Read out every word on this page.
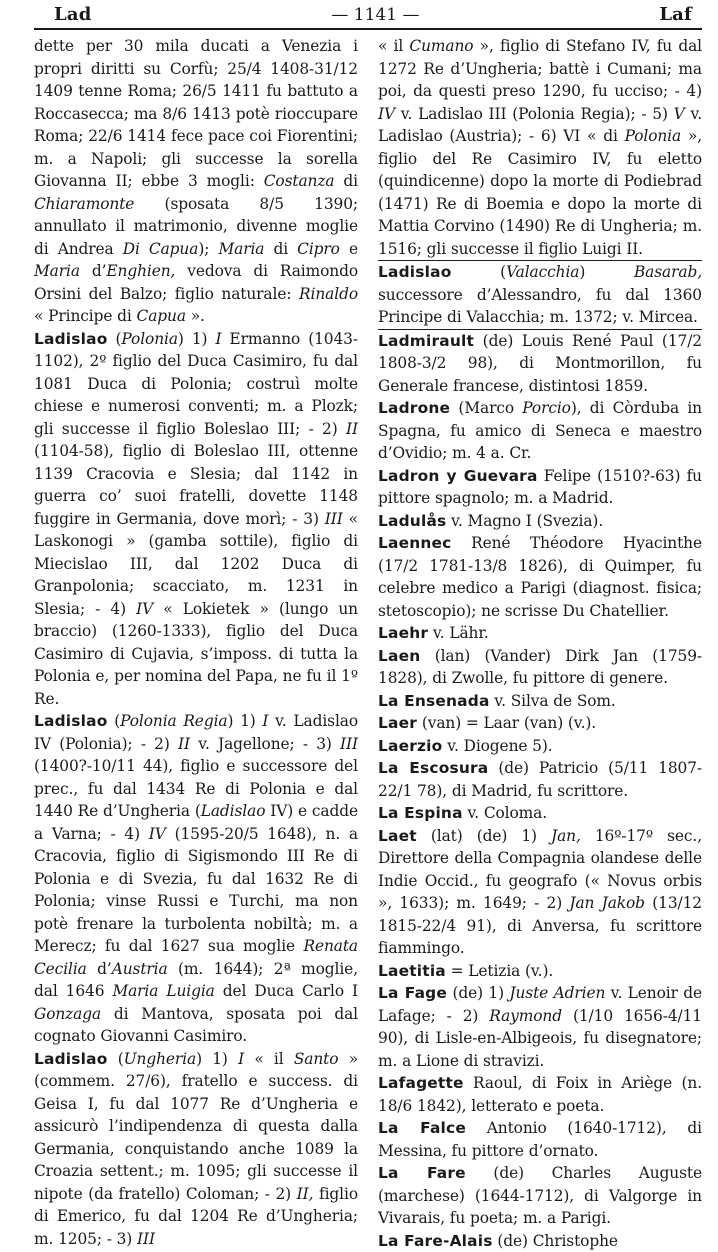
Lad	— 1141 —	Laf

dette per 30 mila ducati a Venezia i propri diritti su Corfù; 25/4 1408-31/12 1409 tenne Roma; 26/5 1411 fu battuto a Roccasecca; ma 8/6 1413 potè rioccupare Roma; 22/6 1414 fece pace coi Fiorentini; m. a Napoli; gli successe la sorella Giovanna II; ebbe 3 mogli: Costanza di Chiaramonte (sposata 8/5 1390; annullato il matrimonio, divenne moglie di Andrea Di Capua); Maria di Cipro e Maria d’Enghien, vedova di Raimondo Orsini del Balzo; figlio naturale: Rinaldo « Principe di Capua ».

Ladislao (Polonia) 1) I Ermanno (1043-1102), 2º figlio del Duca Casimiro, fu dal 1081 Duca di Polonia; costruì molte chiese e numerosi conventi; m. a Plozk; gli successe il figlio Boleslao III; - 2) II (1104-58), figlio di Boleslao III, ottenne 1139 Cracovia e Slesia; dal 1142 in guerra co’ suoi fratelli, dovette 1148 fuggire in Germania, dove morì; - 3) III « Laskonogi » (gamba sottile), figlio di Miecislao III, dal 1202 Duca di Granpolonia; scacciato, m. 1231 in Slesia; - 4) IV « Lokietek » (lungo un braccio) (1260-1333), figlio del Duca Casimiro di Cujavia, s’imposs. di tutta la Polonia e, per nomina del Papa, ne fu il 1º Re.

Ladislao (Polonia Regia) 1) I v. Ladislao IV (Polonia); - 2) II v. Jagellone; - 3) III (1400?-10/11 44), figlio e successore del prec., fu dal 1434 Re di Polonia e dal 1440 Re d’Ungheria (Ladislao IV) e cadde a Varna; - 4) IV (1595-20/5 1648), n. a Cracovia, figlio di Sigismondo III Re di Polonia e di Svezia, fu dal 1632 Re di Polonia; vinse Russi e Turchi, ma non potè frenare la turbolenta nobiltà; m. a Merecz; fu dal 1627 sua moglie Renata Cecilia d’Austria (m. 1644); 2ª moglie, dal 1646 Maria Luigia del Duca Carlo I Gonzaga di Mantova, sposata poi dal cognato Giovanni Casimiro.

Ladislao (Ungheria) 1) I « il Santo » (commem. 27/6), fratello e success. di Geisa I, fu dal 1077 Re d’Ungheria e assicurò l’indipendenza di questa dalla Germania, conquistando anche 1089 la Croazia settent.; m. 1095; gli successe il nipote (da fratello) Coloman; - 2) II, figlio di Emerico, fu dal 1204 Re d’Ungheria; m. 1205; - 3) III

« il Cumano », figlio di Stefano IV, fu dal 1272 Re d’Ungheria; battè i Cumani; ma poi, da questi preso 1290, fu ucciso; - 4) IV v. Ladislao III (Polonia Regia); - 5) V v. Ladislao (Austria); - 6) VI « di Polonia », figlio del Re Casimiro IV, fu eletto (quindicenne) dopo la morte di Podiebrad (1471) Re di Boemia e dopo la morte di Mattia Corvino (1490) Re di Ungheria; m. 1516; gli successe il figlio Luigi II.

Ladislao (Valacchia) Basarab, successore d’Alessandro, fu dal 1360 Principe di Valacchia; m. 1372; v. Mircea.

Ladmirault (de) Louis René Paul (17/2 1808-3/2 98), di Montmorillon, fu Generale francese, distintosi 1859.

Ladrone (Marco Porcio), di Còrduba in Spagna, fu amico di Seneca e maestro d’Ovidio; m. 4 a. Cr.

Ladron y Guevara Felipe (1510?-63) fu pittore spagnolo; m. a Madrid.

Ladulås v. Magno I (Svezia).

Laennec René Théodore Hyacinthe (17/2 1781-13/8 1826), di Quimper, fu celebre medico a Parigi (diagnost. fisica; stetoscopio); ne scrisse Du Chatellier.

Laehr v. Lähr.

Laen (lan) (Vander) Dirk Jan (1759-1828), di Zwolle, fu pittore di genere.

La Ensenada v. Silva de Som.

Laer (van) = Laar (van) (v.).

Laerzio v. Diogene 5).

La Escosura (de) Patricio (5/11 1807-22/1 78), di Madrid, fu scrittore.

La Espina v. Coloma.

Laet (lat) (de) 1) Jan, 16º-17º sec., Direttore della Compagnia olandese delle Indie Occid., fu geografo (« Novus orbis », 1633); m. 1649; - 2) Jan Jakob (13/12 1815-22/4 91), di Anversa, fu scrittore fiammingo.

Laetitia = Letizia (v.).

La Fage (de) 1) Juste Adrien v. Lenoir de Lafage; - 2) Raymond (1/10 1656-4/11 90), di Lisle-en-Albigeois, fu disegnatore; m. a Lione di stravizi.

Lafagette Raoul, di Foix in Ariège (n. 18/6 1842), letterato e poeta.

La Falce Antonio (1640-1712), di Messina, fu pittore d’ornato.

La Fare (de) Charles Auguste (marchese) (1644-1712), di Valgorge in Vivarais, fu poeta; m. a Parigi.

La Fare-Alais (de) Christophe
